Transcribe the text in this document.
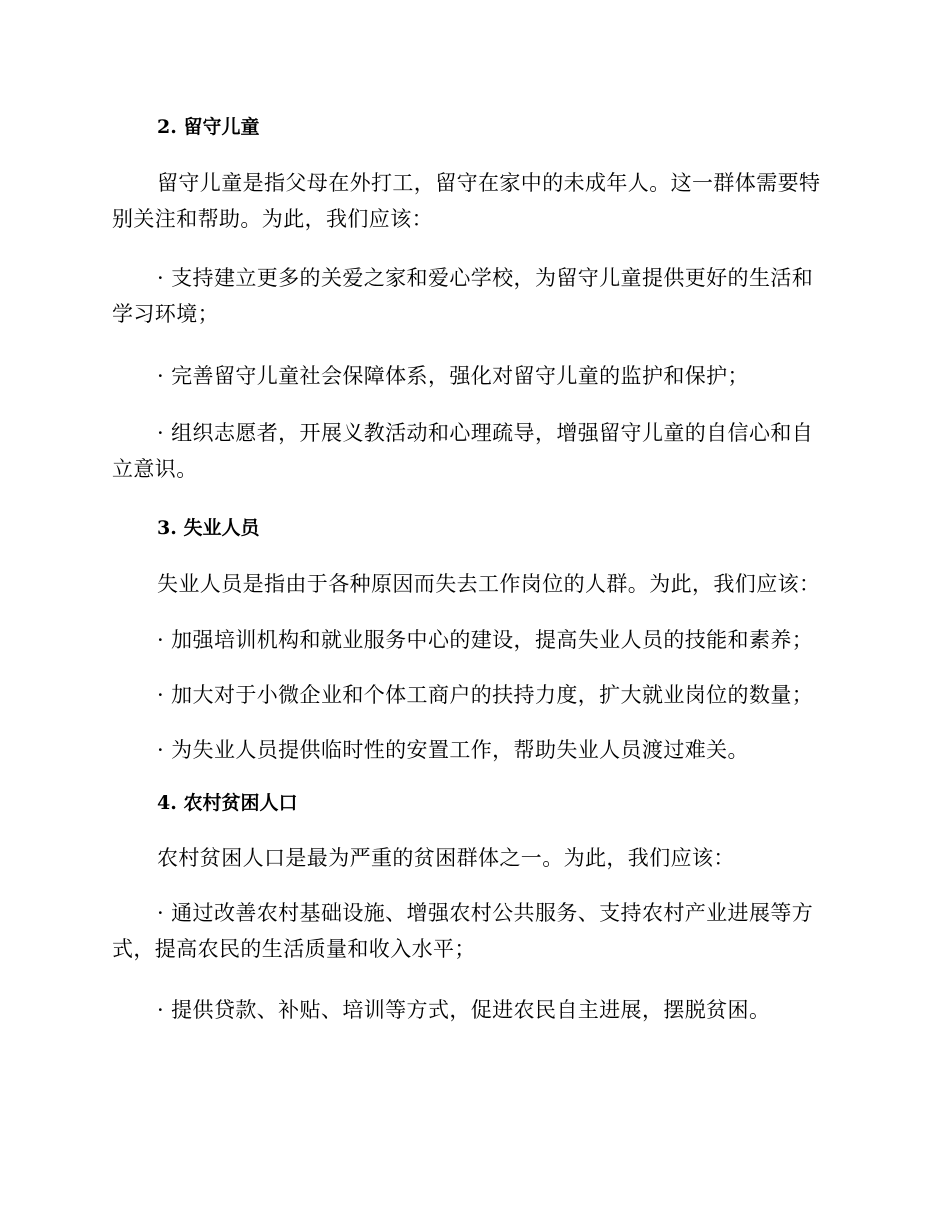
2. 留守儿童
留守儿童是指父母在外打工，留守在家中的未成年人。这一群体需要特别关注和帮助。为此，我们应该：
· 支持建立更多的关爱之家和爱心学校，为留守儿童提供更好的生活和学习环境；
· 完善留守儿童社会保障体系，强化对留守儿童的监护和保护；
· 组织志愿者，开展义教活动和心理疏导，增强留守儿童的自信心和自立意识。
3. 失业人员
失业人员是指由于各种原因而失去工作岗位的人群。为此，我们应该：
· 加强培训机构和就业服务中心的建设，提高失业人员的技能和素养；
· 加大对于小微企业和个体工商户的扶持力度，扩大就业岗位的数量；
· 为失业人员提供临时性的安置工作，帮助失业人员渡过难关。
4. 农村贫困人口
农村贫困人口是最为严重的贫困群体之一。为此，我们应该：
· 通过改善农村基础设施、增强农村公共服务、支持农村产业进展等方式，提高农民的生活质量和收入水平；
· 提供贷款、补贴、培训等方式，促进农民自主进展，摆脱贫困。
